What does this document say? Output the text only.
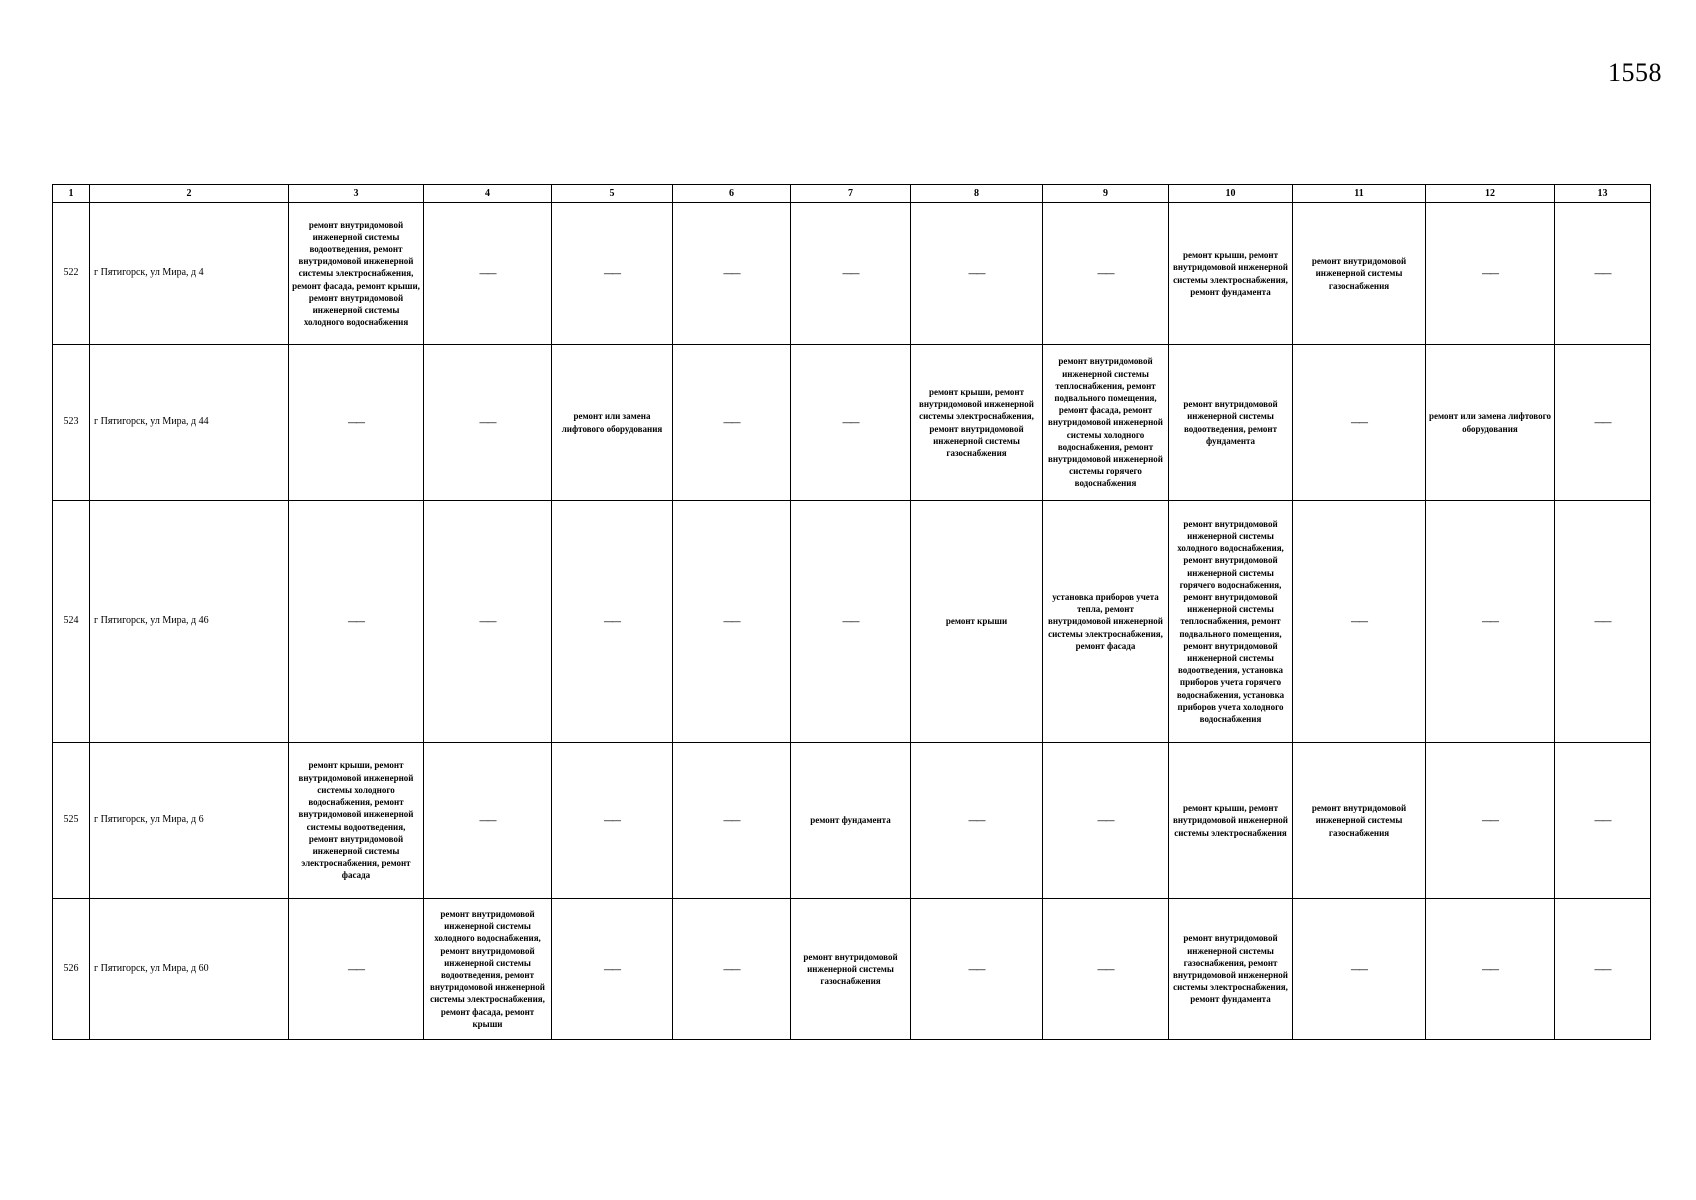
1558
1	2	3	4	5	6	7	8	9	10	11	12	13
522	г Пятигорск, ул Мира, д 4	ремонт внутридомовой инженерной системы водоотведения, ремонт внутридомовой инженерной системы электроснабжения, ремонт фасада, ремонт крыши, ремонт внутридомовой инженерной системы холодного водоснабжения	——	——	——	——	——	——	ремонт крыши, ремонт внутридомовой инженерной системы электроснабжения, ремонт фундамента	ремонт внутридомовой инженерной системы газоснабжения	——	——
523	г Пятигорск, ул Мира, д 44	——	——	ремонт или замена лифтового оборудования	——	——	ремонт крыши, ремонт внутридомовой инженерной системы электроснабжения, ремонт внутридомовой инженерной системы газоснабжения	ремонт внутридомовой инженерной системы теплоснабжения, ремонт подвального помещения, ремонт фасада, ремонт внутридомовой инженерной системы холодного водоснабжения, ремонт внутридомовой инженерной системы горячего водоснабжения	ремонт внутридомовой инженерной системы водоотведения, ремонт фундамента	——	ремонт или замена лифтового оборудования	——
524	г Пятигорск, ул Мира, д 46	——	——	——	——	——	ремонт крыши	установка приборов учета тепла, ремонт внутридомовой инженерной системы электроснабжения, ремонт фасада	ремонт внутридомовой инженерной системы холодного водоснабжения, ремонт внутридомовой инженерной системы горячего водоснабжения, ремонт внутридомовой инженерной системы теплоснабжения, ремонт подвального помещения, ремонт внутридомовой инженерной системы водоотведения, установка приборов учета горячего водоснабжения, установка приборов учета холодного водоснабжения	——	——	——
525	г Пятигорск, ул Мира, д 6	ремонт крыши, ремонт внутридомовой инженерной системы холодного водоснабжения, ремонт внутридомовой инженерной системы водоотведения, ремонт внутридомовой инженерной системы электроснабжения, ремонт фасада	——	——	——	ремонт фундамента	——	——	ремонт крыши, ремонт внутридомовой инженерной системы электроснабжения	ремонт внутридомовой инженерной системы газоснабжения	——	——
526	г Пятигорск, ул Мира, д 60	——	ремонт внутридомовой инженерной системы холодного водоснабжения, ремонт внутридомовой инженерной системы водоотведения, ремонт внутридомовой инженерной системы электроснабжения, ремонт фасада, ремонт крыши	——	——	ремонт внутридомовой инженерной системы газоснабжения	——	——	ремонт внутридомовой инженерной системы газоснабжения, ремонт внутридомовой инженерной системы электроснабжения, ремонт фундамента	——	——	——
